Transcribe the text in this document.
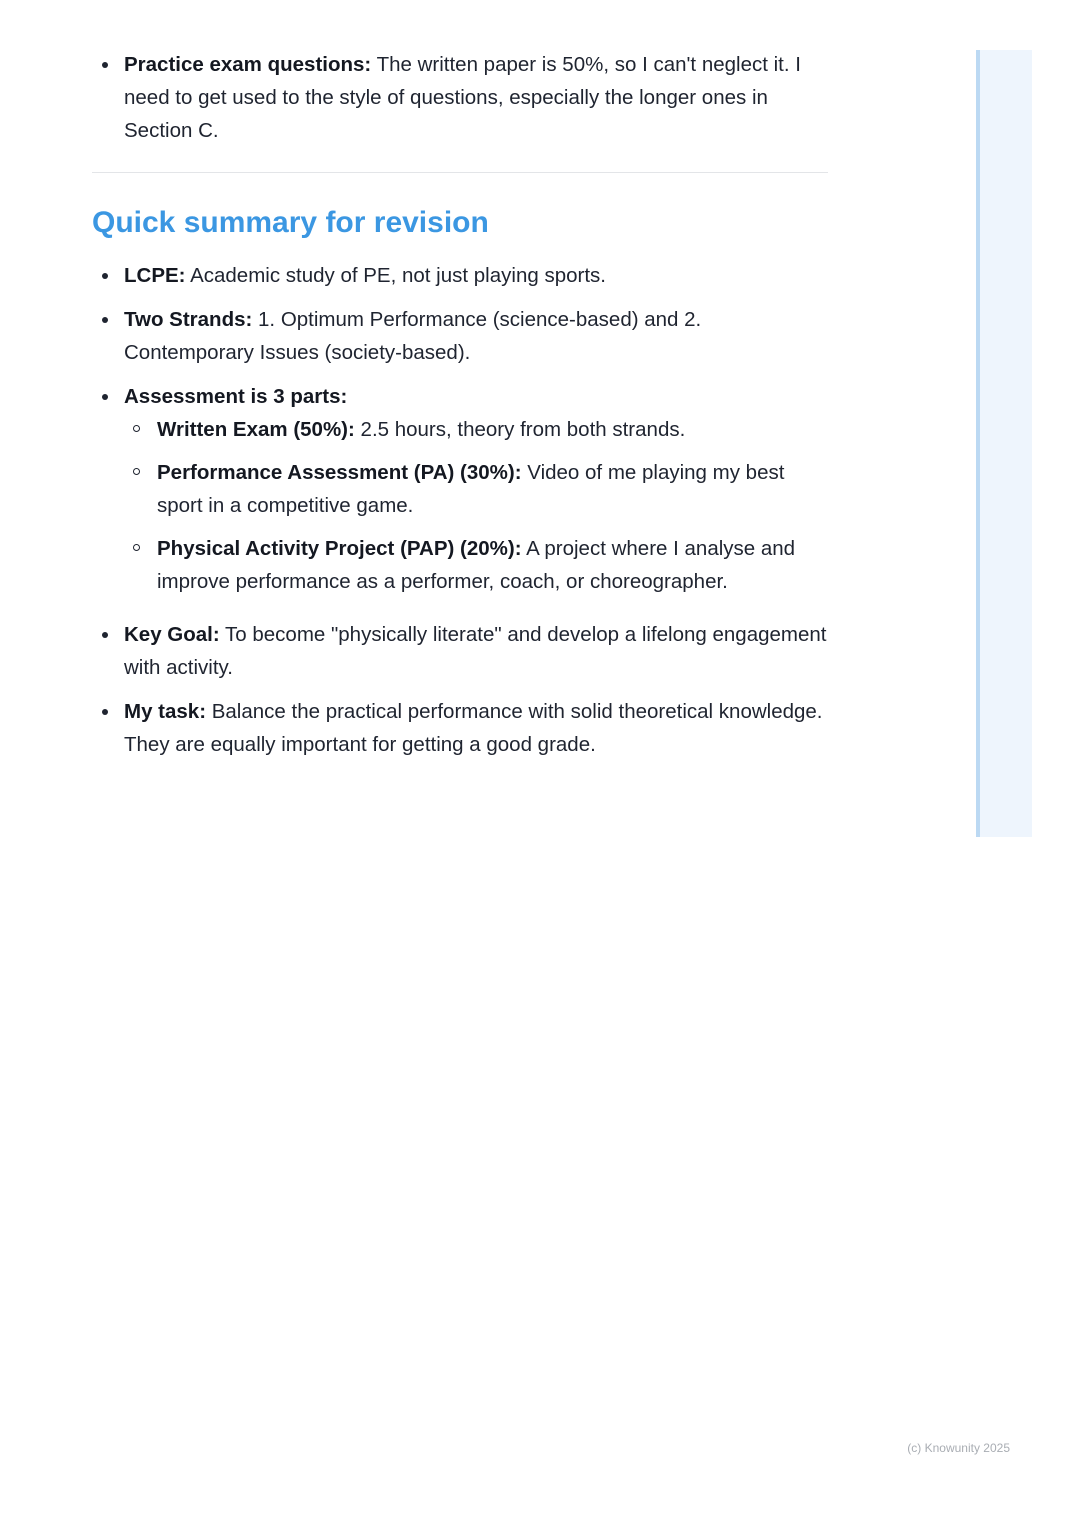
Practice exam questions: The written paper is 50%, so I can't neglect it. I need to get used to the style of questions, especially the longer ones in Section C.
Quick summary for revision
LCPE: Academic study of PE, not just playing sports.
Two Strands: 1. Optimum Performance (science-based) and 2. Contemporary Issues (society-based).
Assessment is 3 parts:
Written Exam (50%): 2.5 hours, theory from both strands.
Performance Assessment (PA) (30%): Video of me playing my best sport in a competitive game.
Physical Activity Project (PAP) (20%): A project where I analyse and improve performance as a performer, coach, or choreographer.
Key Goal: To become "physically literate" and develop a lifelong engagement with activity.
My task: Balance the practical performance with solid theoretical knowledge. They are equally important for getting a good grade.
(c) Knowunity 2025
